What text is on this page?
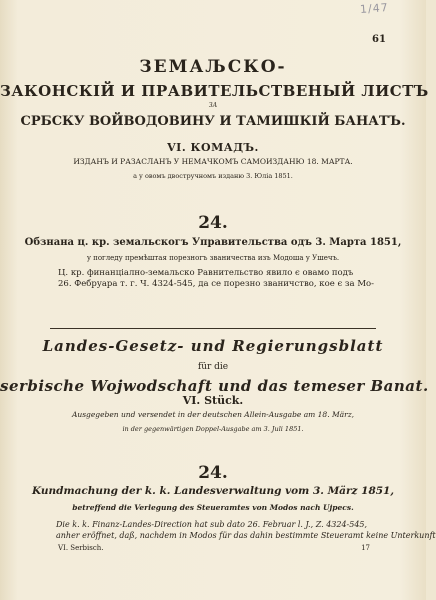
1/47
61
ЗЕМАЉСКО-
ЗАКОНСКІЙ И ПРАВИТЕЛЬСТВЕНЫЙ ЛИСТЪ
ЗА
СРБСКУ ВОЙВОДОВИНУ И ТАМИШКІЙ БАНАТЪ.
VI. КОМАДЪ.
ИЗДАНЪ И РАЗАСЛАНЪ У НЕМАЧКОМЪ САМОИЗДАНЮ 18. МАРТА.
а у овомъ двостручномъ изданю 3. Юліа 1851.
24.
Обзнана ц. кр. земальскогъ Управительства одъ 3. Марта 1851,
у погледу премѣштая порезногъ званичества изъ Модоша у Ушечъ.
Ц. кр. финанціално-земальско Равнительство явило є овамо подъ
26. Фебруара т. г. Ч. 4324-545, да се порезно званичство, кое є за Мо-
Landes-Gesetz- und Regierungsblatt
für die
serbische Wojwodschaft und das temeser Banat.
VI. Stück.
Ausgegeben und versendet in der deutschen Allein-Ausgabe am 18. März,
in der gegenwärtigen Doppel-Ausgabe am 3. Juli 1851.
24.
Kundmachung der k. k. Landesverwaltung vom 3. März 1851,
betreffend die Verlegung des Steueramtes von Modos nach Ujpecs.
Die k. k. Finanz-Landes-Direction hat sub dato 26. Februar l. J., Z. 4324-545,
anher eröffnet, daß, nachdem in Modos für das dahin bestimmte Steueramt keine Unterkunft
VI. Serbisch.	17
